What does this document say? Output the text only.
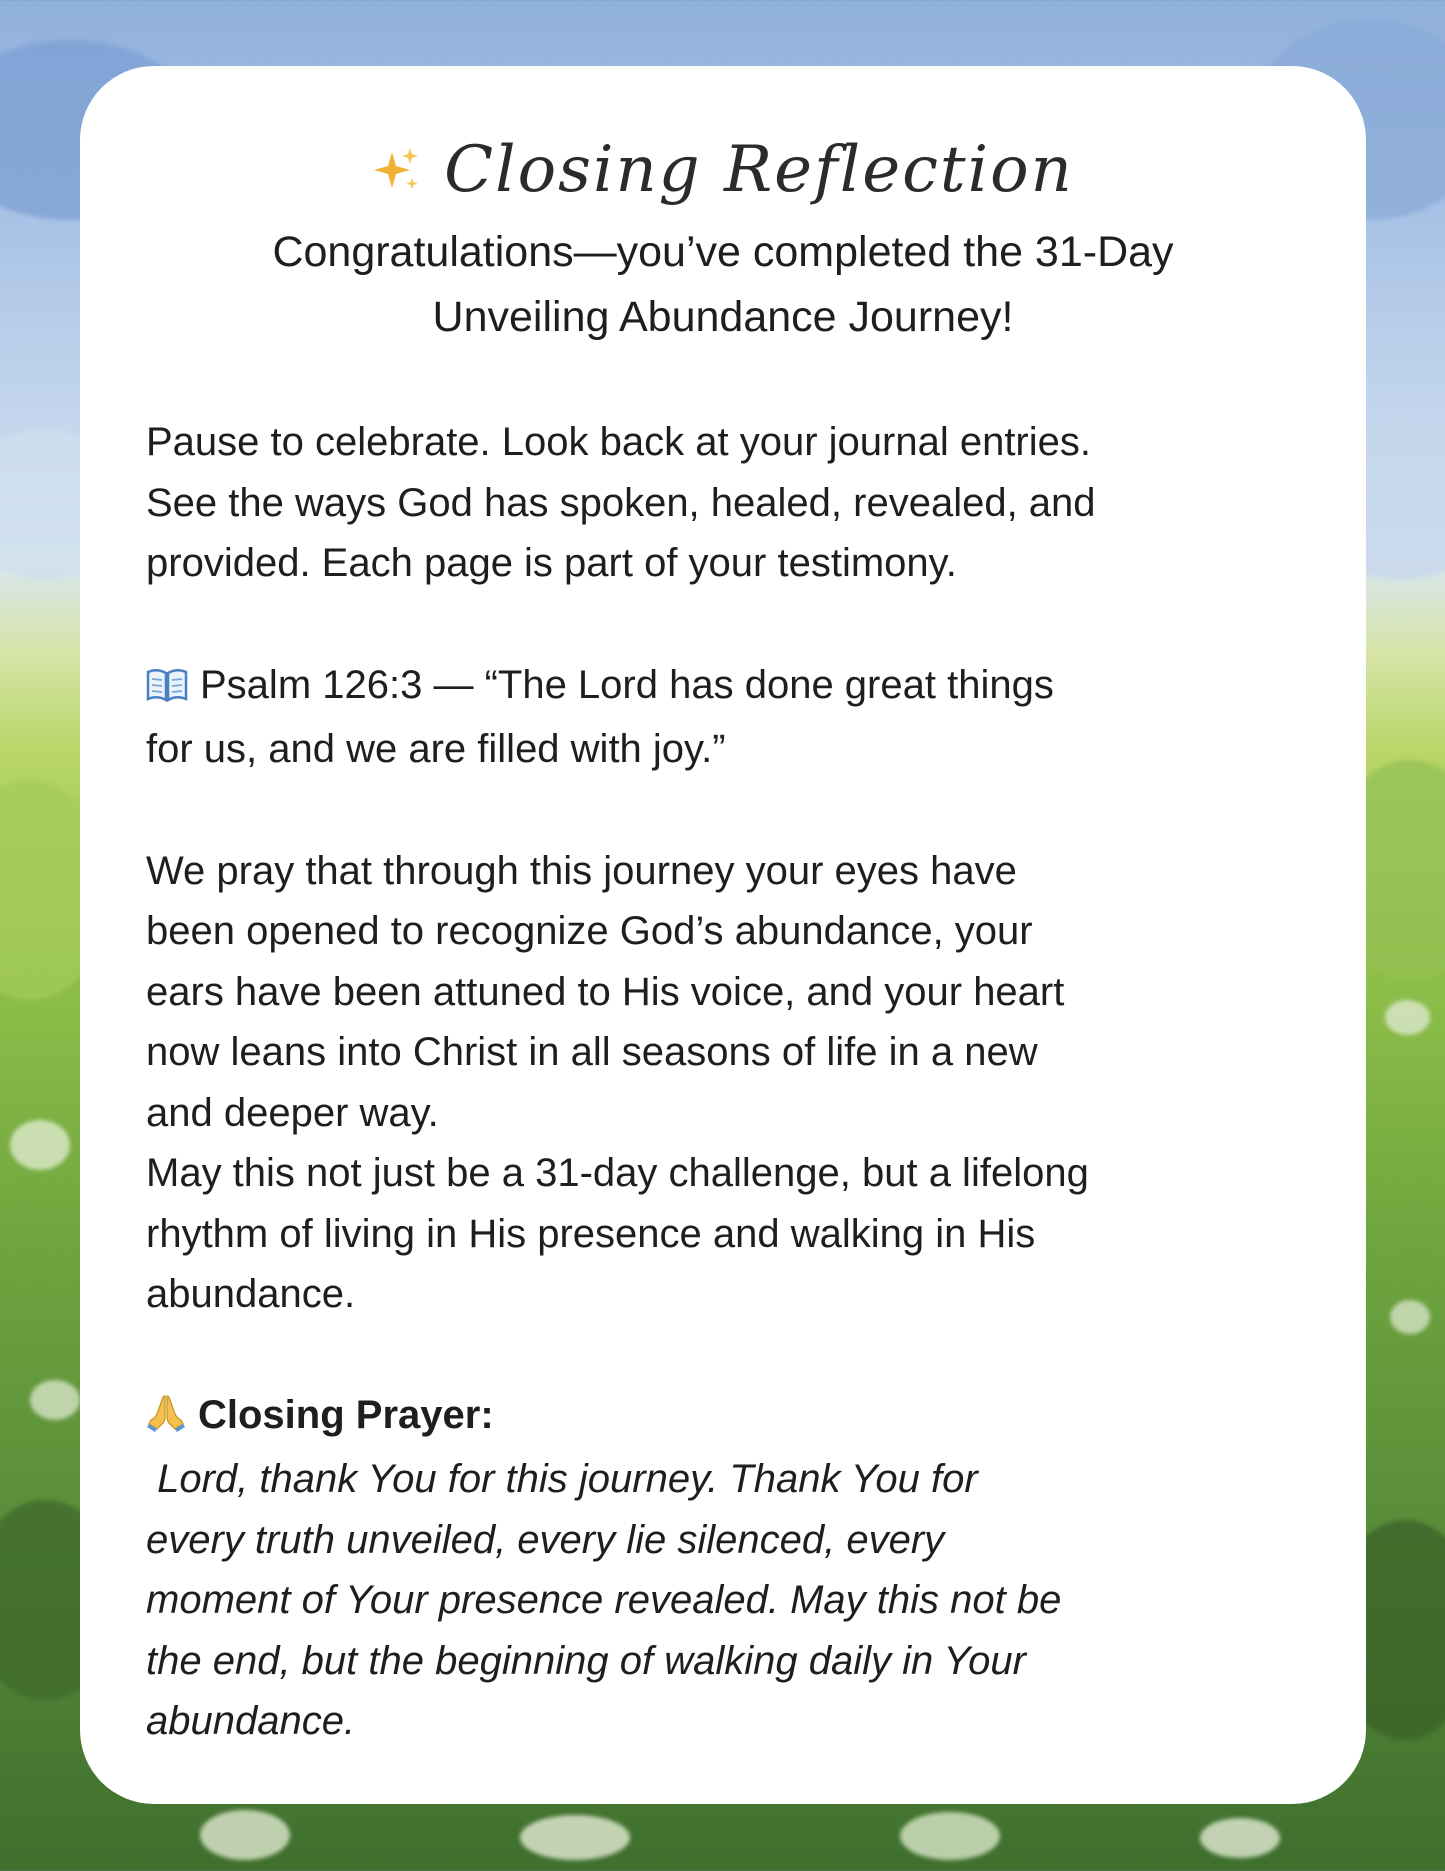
Closing Reflection
Congratulations—you’ve completed the 31-Day
Unveiling Abundance Journey!
Pause to celebrate. Look back at your journal entries.
See the ways God has spoken, healed, revealed, and
provided. Each page is part of your testimony.
Psalm 126:3 — “The Lord has done great things
for us, and we are filled with joy.”
We pray that through this journey your eyes have
been opened to recognize God’s abundance, your
ears have been attuned to His voice, and your heart
now leans into Christ in all seasons of life in a new
and deeper way.
May this not just be a 31-day challenge, but a lifelong
rhythm of living in His presence and walking in His
abundance.
Closing Prayer:
Lord, thank You for this journey. Thank You for
every truth unveiled, every lie silenced, every
moment of Your presence revealed. May this not be
the end, but the beginning of walking daily in Your
abundance.
